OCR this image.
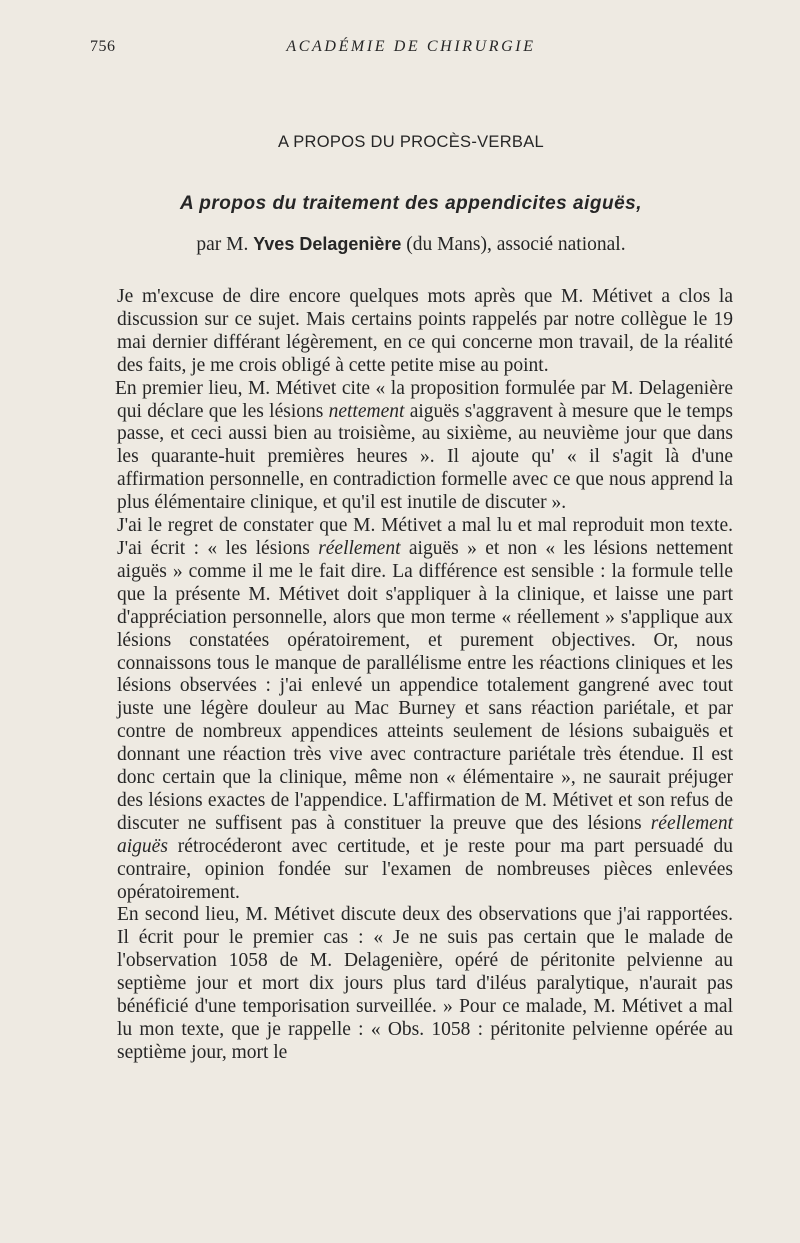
756	ACADÉMIE DE CHIRURGIE
A PROPOS DU PROCÈS-VERBAL
A propos du traitement des appendicites aiguës,
par M. Yves Delagenière (du Mans), associé national.

Je m'excuse de dire encore quelques mots après que M. Métivet a clos la discussion sur ce sujet. Mais certains points rappelés par notre collègue le 19 mai dernier différant légèrement, en ce qui concerne mon travail, de la réalité des faits, je me crois obligé à cette petite mise au point.

En premier lieu, M. Métivet cite « la proposition formulée par M. Delagenière qui déclare que les lésions nettement aiguës s'aggravent à mesure que le temps passe, et ceci aussi bien au troisième, au sixième, au neuvième jour que dans les quarante-huit premières heures ». Il ajoute qu' « il s'agit là d'une affirmation personnelle, en contradiction formelle avec ce que nous apprend la plus élémentaire clinique, et qu'il est inutile de discuter ».

J'ai le regret de constater que M. Métivet a mal lu et mal reproduit mon texte. J'ai écrit : « les lésions réellement aiguës » et non « les lésions nettement aiguës » comme il me le fait dire. La différence est sensible : la formule telle que la présente M. Métivet doit s'appliquer à la clinique, et laisse une part d'appréciation personnelle, alors que mon terme « réellement » s'applique aux lésions constatées opératoirement, et purement objectives. Or, nous connaissons tous le manque de parallélisme entre les réactions cliniques et les lésions observées : j'ai enlevé un appendice totalement gangrené avec tout juste une légère douleur au Mac Burney et sans réaction pariétale, et par contre de nombreux appendices atteints seulement de lésions subaiguës et donnant une réaction très vive avec contracture pariétale très étendue. Il est donc certain que la clinique, même non « élémentaire », ne saurait préjuger des lésions exactes de l'appendice. L'affirmation de M. Métivet et son refus de discuter ne suffisent pas à constituer la preuve que des lésions réellement aiguës rétrocéderont avec certitude, et je reste pour ma part persuadé du contraire, opinion fondée sur l'examen de nombreuses pièces enlevées opératoirement.

En second lieu, M. Métivet discute deux des observations que j'ai rapportées. Il écrit pour le premier cas : « Je ne suis pas certain que le malade de l'observation 1058 de M. Delagenière, opéré de péritonite pelvienne au septième jour et mort dix jours plus tard d'iléus paralytique, n'aurait pas bénéficié d'une temporisation surveillée. » Pour ce malade, M. Métivet a mal lu mon texte, que je rappelle : « Obs. 1058 : péritonite pelvienne opérée au septième jour, mort le
